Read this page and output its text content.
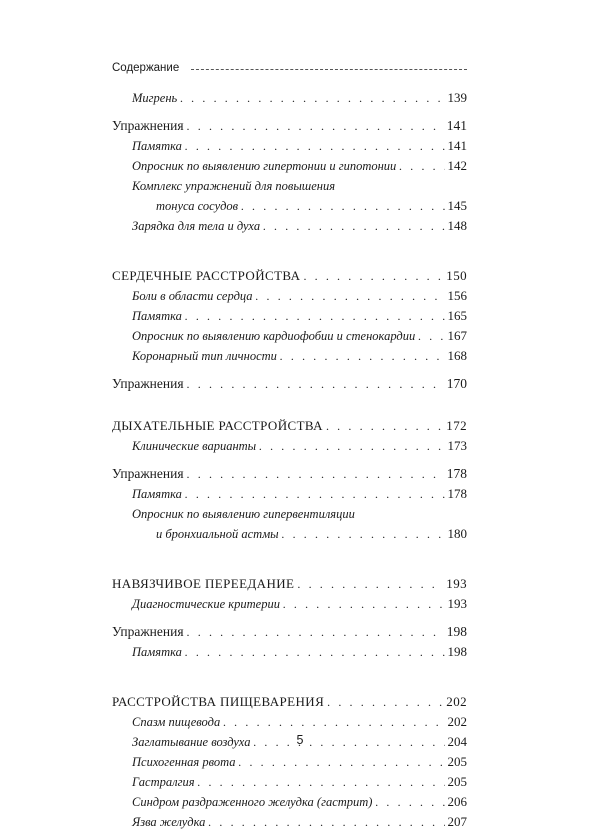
Содержание
Мигрень . . .	139
Упражнения . . .	141
Памятка . . .	141
Опросник по выявлению гипертонии и гипотонии . . .	142
Комплекс упражнений для повышения
тонуса сосудов . . .	145
Зарядка для тела и духа . . .	148
СЕРДЕЧНЫЕ РАССТРОЙСТВА . . .	150
Боли в области сердца . . .	156
Памятка . . .	165
Опросник по выявлению кардиофобии и стенокардии . . . 167
Коронарный тип личности . . .	168
Упражнения . . .	170
ДЫХАТЕЛЬНЫЕ РАССТРОЙСТВА . . .	172
Клинические варианты . . .	173
Упражнения . . .	178
Памятка . . .	178
Опросник по выявлению гипервентиляции
и бронхиальной астмы . . .	180
НАВЯЗЧИВОЕ ПЕРЕЕДАНИЕ . . .	193
Диагностические критерии . . .	193
Упражнения . . .	198
Памятка . . .	198
РАССТРОЙСТВА ПИЩЕВАРЕНИЯ . . .	202
Спазм пищевода . . .	202
Заглатывание воздуха . . .	204
Психогенная рвота . . .	205
Гастралгия . . .	205
Синдром раздраженного желудка (гастрит) . . .	206
Язва желудка . . .	207
5
